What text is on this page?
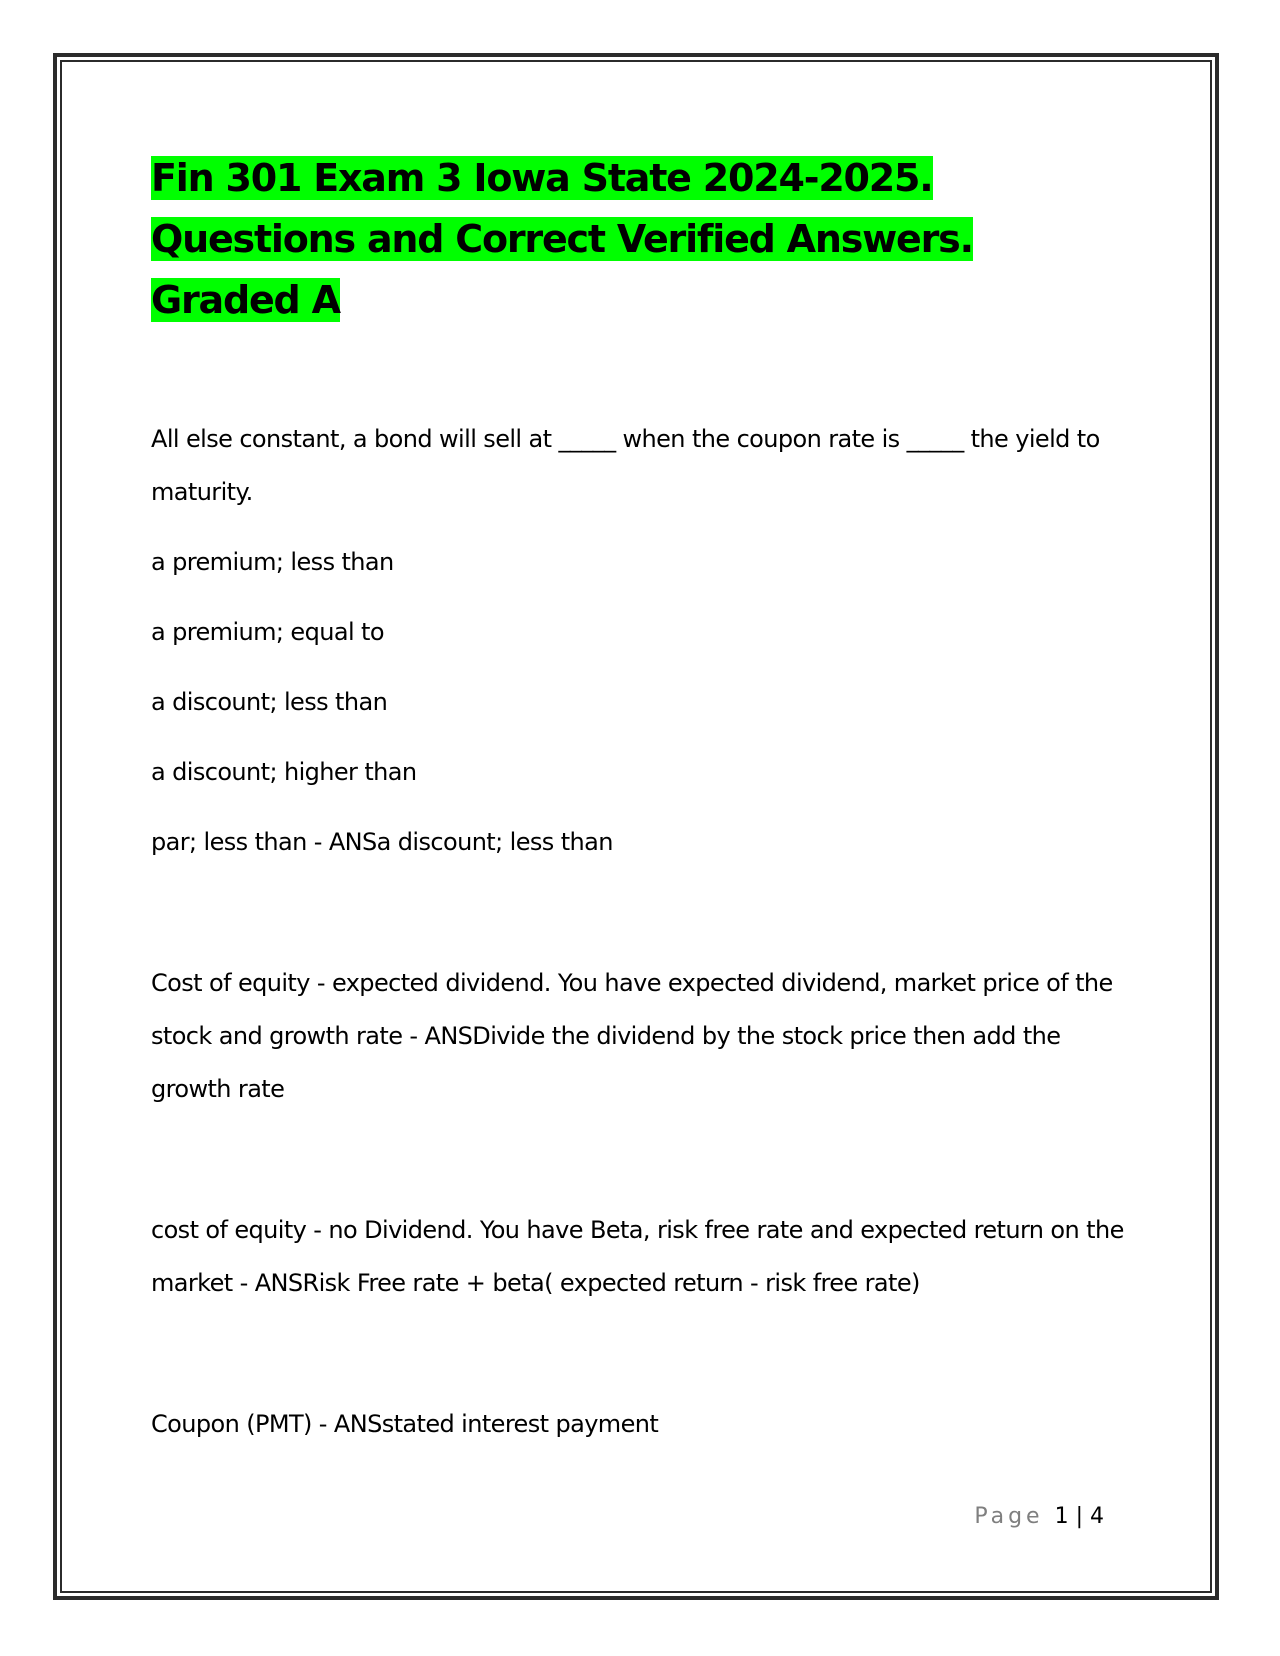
Fin 301 Exam 3 Iowa State 2024-2025.
Questions and Correct Verified Answers.
Graded A

All else constant, a bond will sell at _____ when the coupon rate is _____ the yield to maturity.

a premium; less than

a premium; equal to

a discount; less than

a discount; higher than

par; less than - ANSa discount; less than

Cost of equity - expected dividend. You have expected dividend, market price of the stock and growth rate - ANSDivide the dividend by the stock price then add the growth rate

cost of equity - no Dividend. You have Beta, risk free rate and expected return on the market - ANSRisk Free rate + beta( expected return - risk free rate)

Coupon (PMT) - ANSstated interest payment

Page 1 | 4
